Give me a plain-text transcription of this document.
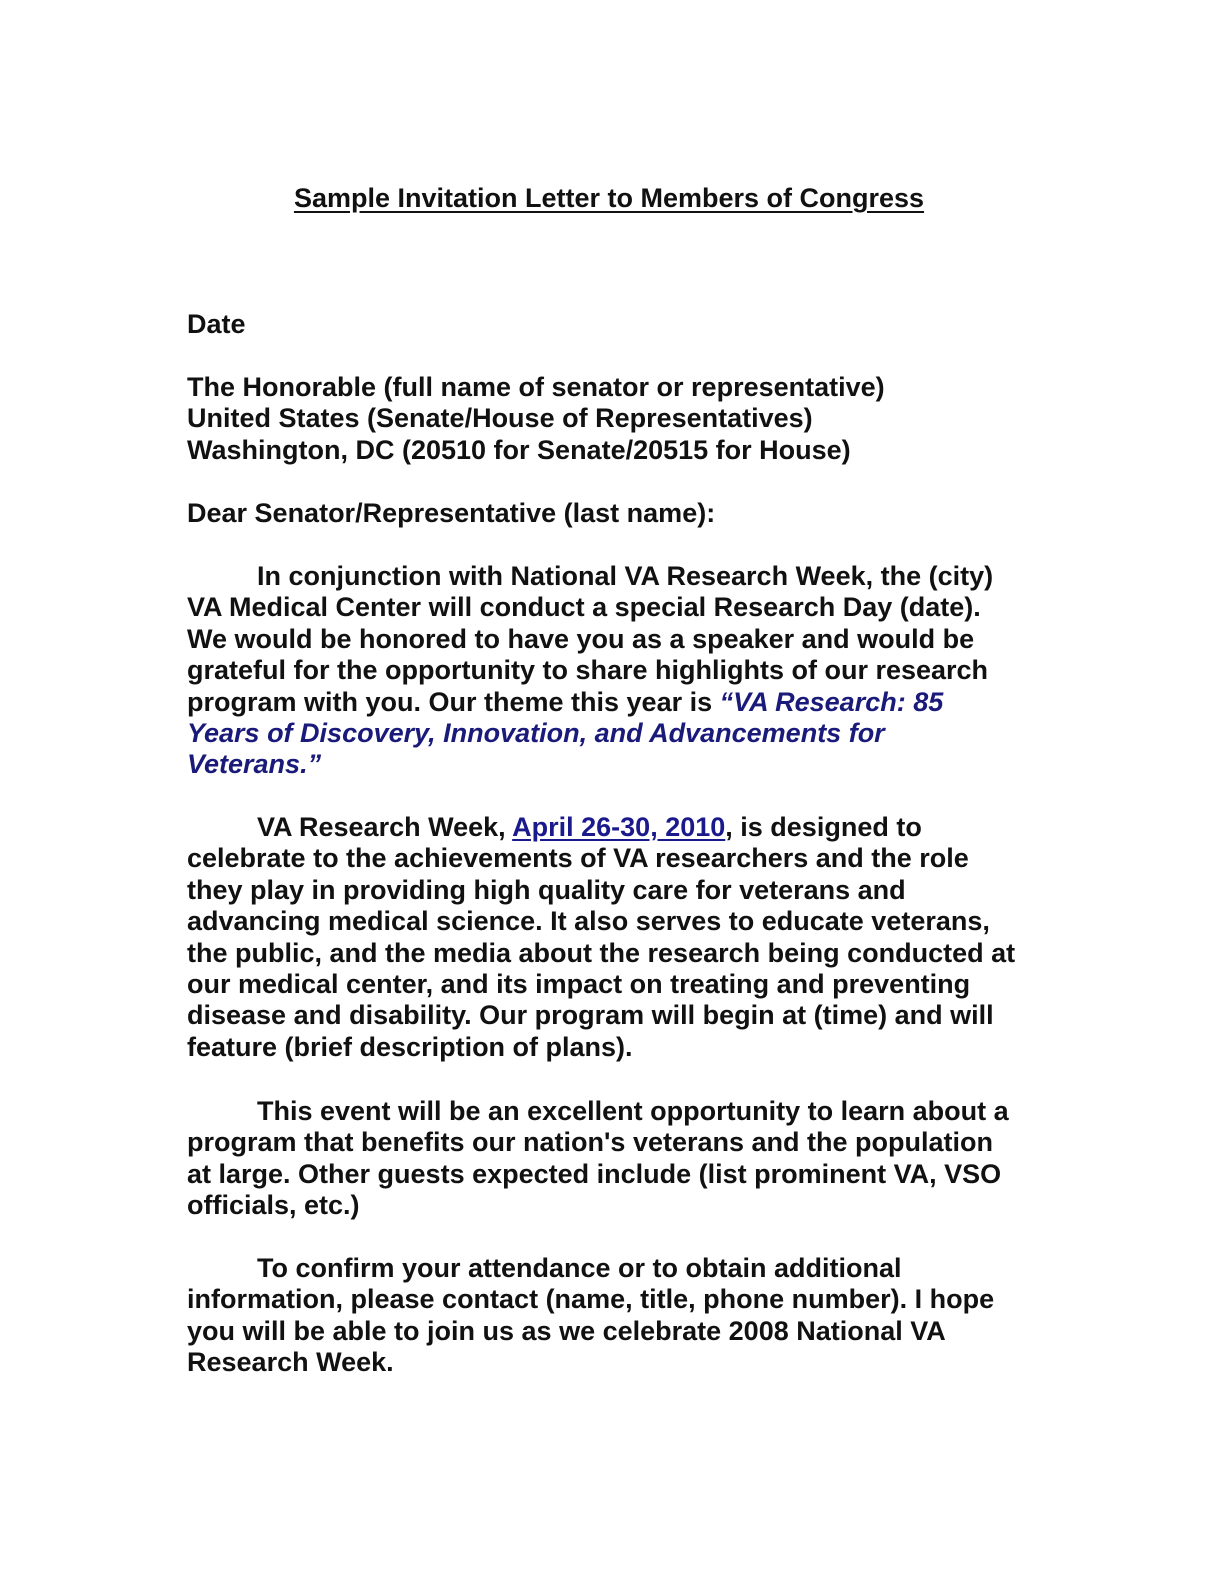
Sample Invitation Letter to Members of Congress
Date
The Honorable (full name of senator or representative)
United States (Senate/House of Representatives)
Washington, DC (20510 for Senate/20515 for House)
Dear Senator/Representative (last name):
In conjunction with National VA Research Week, the (city)
VA Medical Center will conduct a special Research Day (date).
We would be honored to have you as a speaker and would be
grateful for the opportunity to share highlights of our research
program with you. Our theme this year is “VA Research: 85
Years of Discovery, Innovation, and Advancements for
Veterans.”
VA Research Week, April 26-30, 2010, is designed to
celebrate to the achievements of VA researchers and the role
they play in providing high quality care for veterans and
advancing medical science. It also serves to educate veterans,
the public, and the media about the research being conducted at
our medical center, and its impact on treating and preventing
disease and disability. Our program will begin at (time) and will
feature (brief description of plans).
This event will be an excellent opportunity to learn about a
program that benefits our nation's veterans and the population
at large. Other guests expected include (list prominent VA, VSO
officials, etc.)
To confirm your attendance or to obtain additional
information, please contact (name, title, phone number). I hope
you will be able to join us as we celebrate 2008 National VA
Research Week.
